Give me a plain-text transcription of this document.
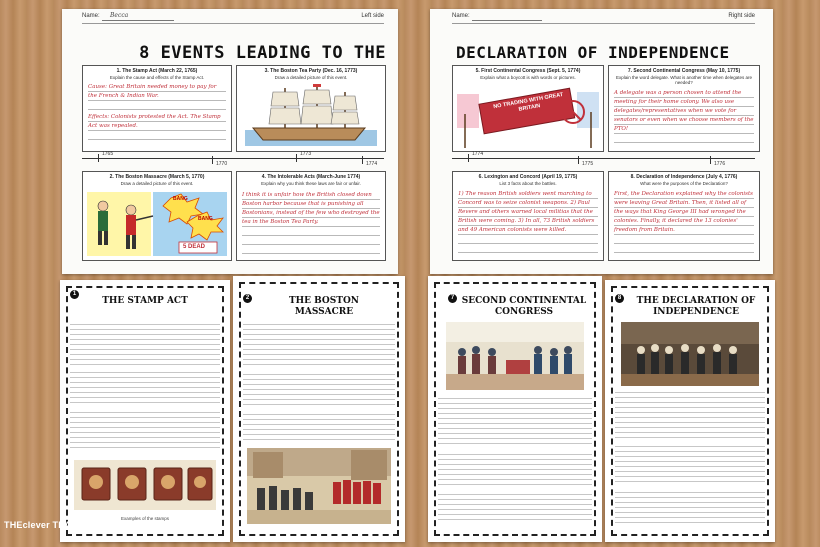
Name: Becca	Left side
8 EVENTS LEADING TO THE
1. The Stamp Act (March 22, 1765)
Explain the cause and effects of the Stamp Act.
Cause: Great Britain needed money to pay for the French & Indian War.
Effects: Colonists protested the Act. The Stamp Act was repealed.
3. The Boston Tea Party (Dec. 16, 1773)
Draw a detailed picture of this event.
1765
1770
1773
1774
2. The Boston Massacre (March 5, 1770)
Draw a detailed picture of this event.
BANG
BANG
5 DEAD
4. The Intolerable Acts (March-June 1774)
Explain why you think these laws are fair or unfair.
I think it is unfair how the British closed down Boston harbor because that is punishing all Bostonians, instead of the few who destroyed the tea in the Boston Tea Party.
Name:	Right side
DECLARATION OF INDEPENDENCE
5. First Continental Congress (Sept. 5, 1774)
Explain what a boycott is with words or pictures.
NO TRADING WITH GREAT BRITAIN
7. Second Continental Congress (May 10, 1775)
Explain the word delegate. What is another time when delegates are needed?
A delegate was a person chosen to attend the meeting for their home colony. We also use delegates/representatives when we vote for senators or even when we choose members of the PTO!
1774
1775	1776
6. Lexington and Concord (April 19, 1775)
List 3 facts about the battles.
1) The reason British soldiers went marching to Concord was to seize colonist weapons. 2) Paul Revere and others warned local militias that the British were coming. 3) In all, 73 British soldiers and 49 American colonists were killed.
8. Declaration of Independence (July 4, 1776)
What were the purposes of the Declaration?
First, the Declaration explained why the colonists were leaving Great Britain. Then, it listed all of the ways that King George III had wronged the colonies. Finally, it declared the 13 colonies' freedom from Britain.
1
THE STAMP ACT
Examples of the stamps
2	THE BOSTON MASSACRE
7 SECOND CONTINENTAL CONGRESS
8	THE DECLARATION OF INDEPENDENCE
THEclever TEACHER
